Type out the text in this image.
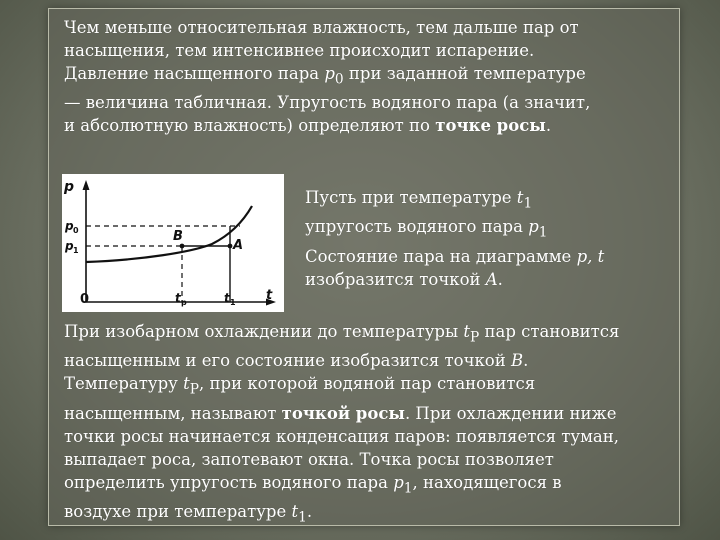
Чем меньше относительная влажность, тем дальше пар от
насыщения, тем интенсивнее происходит испарение.
Давление насыщенного пара $p_0$ при заданной температуре
— величина табличная. Упругость водяного пара (а значит,
и абсолютную влажность) определяют по точке росы.

p
t
0
p 0
p 1
B
A
t p	t 1

Пусть при температуре $t_1$
упругость водяного пара $p_1$
Состояние пара на диаграмме p, t
изобразится точкой A.

При изобарном охлаждении до температуры $t_P$ пар становится
насыщенным и его состояние изобразится точкой B.
Температуру $t_P$, при которой водяной пар становится
насыщенным, называют точкой росы. При охлаждении ниже
точки росы начинается конденсация паров: появляется туман,
выпадает роса, запотевают окна. Точка росы позволяет
определить упругость водяного пара $p_1$, находящегося в
воздухе при температуре $t_1$.
